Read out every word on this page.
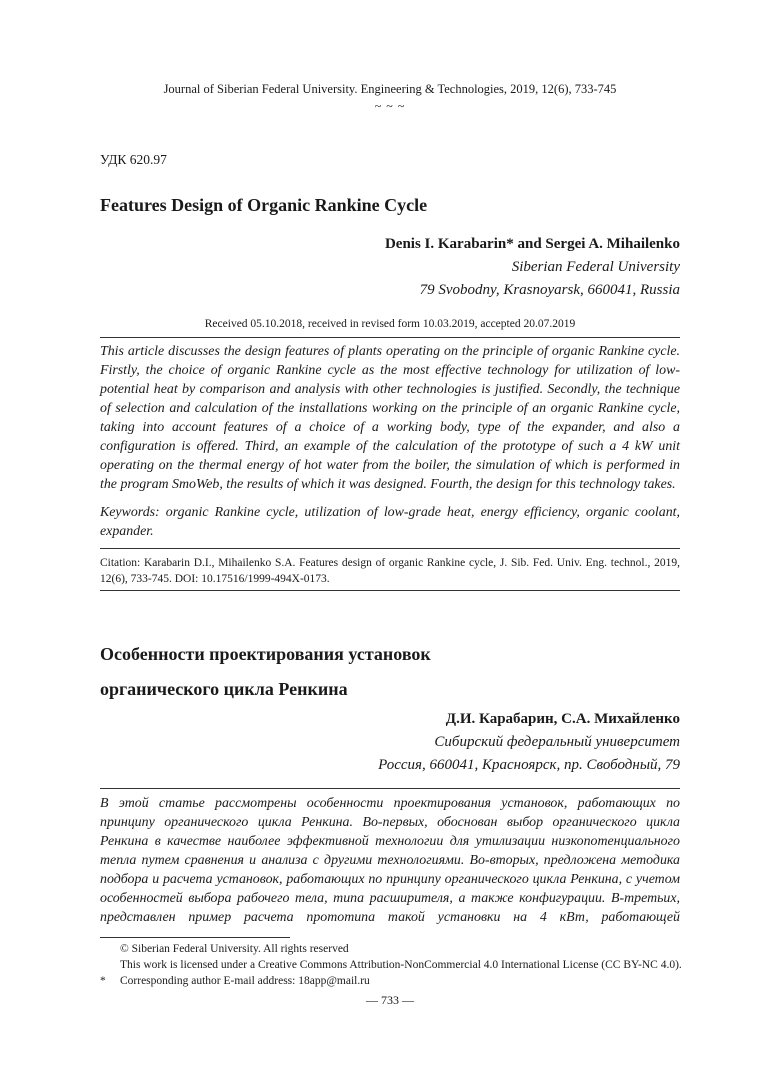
Journal of Siberian Federal University. Engineering & Technologies, 2019, 12(6), 733-745
~ ~ ~
УДК 620.97
Features Design of Organic Rankine Cycle
Denis I. Karabarin* and Sergei A. Mihailenko
Siberian Federal University
79 Svobodny, Krasnoyarsk, 660041, Russia
Received 05.10.2018, received in revised form 10.03.2019, accepted 20.07.2019
This article discusses the design features of plants operating on the principle of organic Rankine cycle. Firstly, the choice of organic Rankine cycle as the most effective technology for utilization of low-potential heat by comparison and analysis with other technologies is justified. Secondly, the technique of selection and calculation of the installations working on the principle of an organic Rankine cycle, taking into account features of a choice of a working body, type of the expander, and also a configuration is offered. Third, an example of the calculation of the prototype of such a 4 kW unit operating on the thermal energy of hot water from the boiler, the simulation of which is performed in the program SmoWeb, the results of which it was designed. Fourth, the design for this technology takes.
Keywords: organic Rankine cycle, utilization of low-grade heat, energy efficiency, organic coolant, expander.
Citation: Karabarin D.I., Mihailenko S.A. Features design of organic Rankine cycle, J. Sib. Fed. Univ. Eng. technol., 2019, 12(6), 733-745. DOI: 10.17516/1999-494X-0173.
Особенности проектирования установок
органического цикла Ренкина
Д.И. Карабарин, С.А. Михайленко
Сибирский федеральный университет
Россия, 660041, Красноярск, пр. Свободный, 79
В этой статье рассмотрены особенности проектирования установок, работающих по принципу органического цикла Ренкина. Во-первых, обоснован выбор органического цикла Ренкина в качестве наиболее эффективной технологии для утилизации низкопотенциального тепла путем сравнения и анализа с другими технологиями. Во-вторых, предложена методика подбора и расчета установок, работающих по принципу органического цикла Ренкина, с учетом особенностей выбора рабочего тела, типа расширителя, а также конфигурации. В-третьих, представлен пример расчета прототипа такой установки на 4 кВт, работающей
© Siberian Federal University. All rights reserved
This work is licensed under a Creative Commons Attribution-NonCommercial 4.0 International License (CC BY-NC 4.0).
* Corresponding author E-mail address: 18app@mail.ru
— 733 —
